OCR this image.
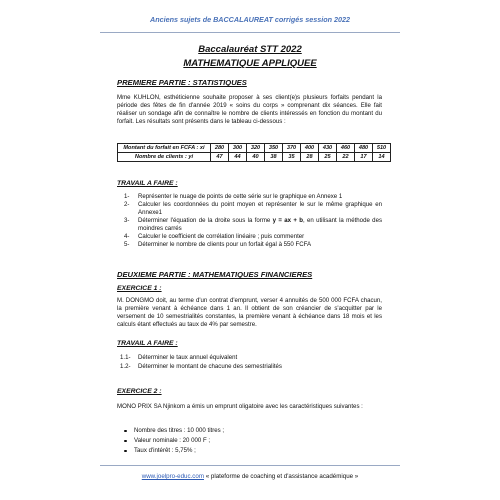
Anciens sujets de BACCALAUREAT corrigés session 2022
Baccalauréat STT 2022
MATHEMATIQUE APPLIQUEE
PREMIERE PARTIE : STATISTIQUES
Mme KUHLON, esthéticienne souhaite proposer à ses client(e)s plusieurs forfaits pendant la période des fêtes de fin d'année 2019 « soins du corps » comprenant dix séances. Elle fait réaliser un sondage afin de connaître le nombre de clients intéressés en fonction du montant du forfait. Les résultats sont présents dans le tableau ci-dessous :
Montant du forfait en FCFA : xi	280	300	320	350	370	400	430	460	480	510
Nombre de clients : yi	47	44	40	38	35	28	25	22	17	14
TRAVAIL A FAIRE :
1- Représenter le nuage de points de cette série sur le graphique en Annexe 1
2- Calculer les coordonnées du point moyen et représenter le sur le même graphique en Annexe1
3- Déterminer l'équation de la droite sous la forme y = ax + b, en utilisant la méthode des moindres carrés
4- Calculer le coefficient de corrélation linéaire ; puis commenter
5- Déterminer le nombre de clients pour un forfait égal à 550 FCFA
DEUXIEME PARTIE : MATHEMATIQUES FINANCIERES
EXERCICE 1 :
M. DONGMO doit, au terme d'un contrat d'emprunt, verser 4 annuités de 500 000 FCFA chacun, la première venant à échéance dans 1 an. Il obtient de son créancier de s'acquitter par le versement de 10 semestrialités constantes, la première venant à échéance dans 18 mois et les calculs étant effectués au taux de 4% par semestre.
TRAVAIL A FAIRE :
1.1- Déterminer le taux annuel équivalent
1.2- Déterminer le montant de chacune des semestrialités
EXERCICE 2 :
MONO PRIX SA Njinkom a émis un emprunt oligatoire avec les caractéristiques suivantes :
Nombre des titres : 10 000 titres ;
Valeur nominale : 20 000 F ;
Taux d'intérêt : 5,75% ;
www.joelpro-educ.com « plateforme de coaching et d'assistance académique »
